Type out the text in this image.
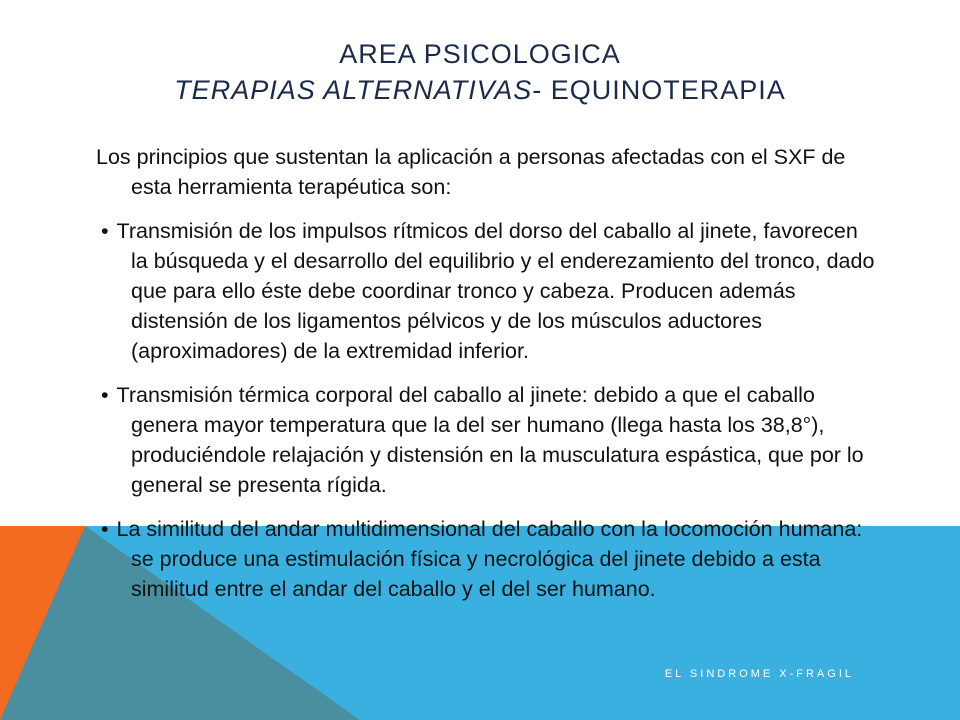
AREA PSICOLOGICA
TERAPIAS ALTERNATIVAS- EQUINOTERAPIA

Los principios que sustentan la aplicación a personas afectadas con el SXF de esta herramienta terapéutica son:

• Transmisión de los impulsos rítmicos del dorso del caballo al jinete, favorecen la búsqueda y el desarrollo del equilibrio y el enderezamiento del tronco, dado que para ello éste debe coordinar tronco y cabeza. Producen además distensión de los ligamentos pélvicos y de los músculos aductores (aproximadores) de la extremidad inferior.

• Transmisión térmica corporal del caballo al jinete: debido a que el caballo genera mayor temperatura que la del ser humano (llega hasta los 38,8°), produciéndole relajación y distensión en la musculatura espástica, que por lo general se presenta rígida.

• La similitud del andar multidimensional del caballo con la locomoción humana: se produce una estimulación física y necrológica del jinete debido a esta similitud entre el andar del caballo y el del ser humano.

EL SINDROME X-FRAGIL
